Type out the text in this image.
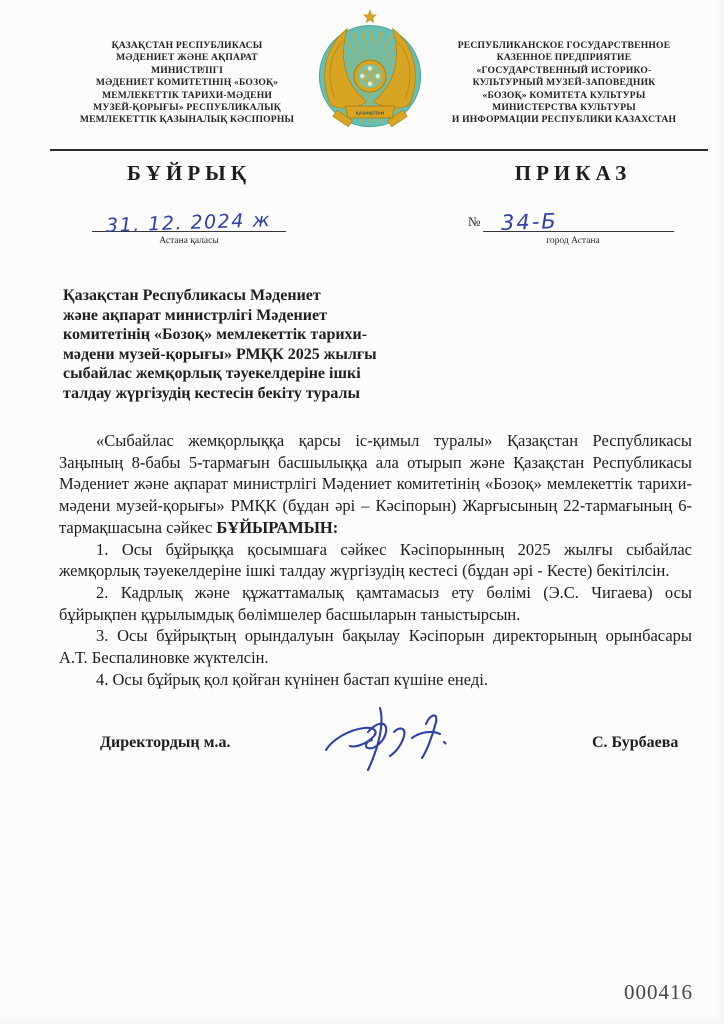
ҚАЗАҚСТАН РЕСПУБЛИКАСЫ
МӘДЕНИЕТ ЖӘНЕ АҚПАРАТ
МИНИСТРЛІГІ
МӘДЕНИЕТ КОМИТЕТІНІҢ «БОЗОҚ»
МЕМЛЕКЕТТІК ТАРИХИ-МӘДЕНИ
МУЗЕЙ-ҚОРЫҒЫ» РЕСПУБЛИКАЛЫҚ
МЕМЛЕКЕТТІК ҚАЗЫНАЛЫҚ КӘСІПОРНЫ
ҚАЗАҚСТАН
РЕСПУБЛИКАНСКОЕ ГОСУДАРСТВЕННОЕ
КАЗЕННОЕ ПРЕДПРИЯТИЕ
«ГОСУДАРСТВЕННЫЙ ИСТОРИКО-
КУЛЬТУРНЫЙ МУЗЕЙ-ЗАПОВЕДНИК
«БОЗОҚ» КОМИТЕТА КУЛЬТУРЫ
МИНИСТЕРСТВА КУЛЬТУРЫ
И ИНФОРМАЦИИ РЕСПУБЛИКИ КАЗАХСТАН
БҰЙРЫҚ
31. 12. 2024 ж
Астана қаласы
ПРИКАЗ
№ 34-Б
город Астана
Қазақстан Республикасы Мәдениет
және ақпарат министрлігі Мәдениет
комитетінің «Бозоқ» мемлекеттік тарихи-
мәдени музей-қорығы» РМҚК 2025 жылғы
сыбайлас жемқорлық тәуекелдеріне ішкі
талдау жүргізудің кестесін бекіту туралы

«Сыбайлас жемқорлыққа қарсы іс-қимыл туралы» Қазақстан Республикасы Заңының 8-бабы 5-тармағын басшылыққа ала отырып және Қазақстан Республикасы Мәдениет және ақпарат министрлігі Мәдениет комитетінің «Бозоқ» мемлекеттік тарихи-мәдени музей-қорығы» РМҚК (бұдан әрі – Кәсіпорын) Жарғысының 22-тармағының 6-тармақшасына сәйкес БҰЙЫРАМЫН:

1. Осы бұйрыққа қосымшаға сәйкес Кәсіпорынның 2025 жылғы сыбайлас жемқорлық тәуекелдеріне ішкі талдау жүргізудің кестесі (бұдан әрі - Кесте) бекітілсін.

2. Кадрлық және құжаттамалық қамтамасыз ету бөлімі (Э.С. Чигаева) осы бұйрықпен құрылымдық бөлімшелер басшыларын таныстырсын.

3. Осы бұйрықтың орындалуын бақылау Кәсіпорын директорының орынбасары А.Т. Беспалиновке жүктелсін.

4. Осы бұйрық қол қойған күнінен бастап күшіне енеді.

Директордың м.а.	С. Бурбаева
000416
